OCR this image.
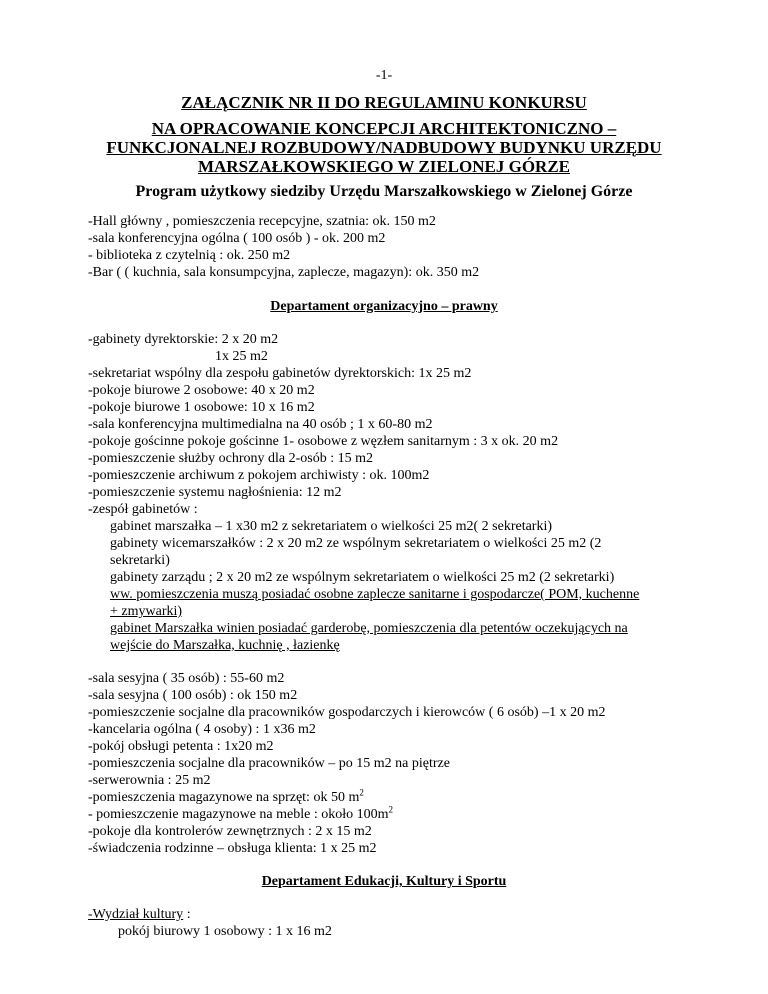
-1-
ZAŁĄCZNIK NR II DO REGULAMINU KONKURSU
NA OPRACOWANIE KONCEPCJI ARCHITEKTONICZNO –
FUNKCJONALNEJ ROZBUDOWY/NADBUDOWY BUDYNKU URZĘDU
MARSZAŁKOWSKIEGO W ZIELONEJ GÓRZE
Program użytkowy siedziby Urzędu Marszałkowskiego w Zielonej Górze
-Hall główny , pomieszczenia recepcyjne, szatnia: ok. 150 m2
-sala konferencyjna ogólna ( 100 osób ) - ok. 200 m2
- biblioteka z czytelnią : ok. 250 m2
-Bar ( ( kuchnia, sala konsumpcyjna, zaplecze, magazyn): ok. 350 m2
Departament organizacyjno – prawny
-gabinety dyrektorskie: 2 x 20 m2
1x 25 m2
-sekretariat wspólny dla zespołu gabinetów dyrektorskich: 1x 25 m2
-pokoje biurowe 2 osobowe: 40 x 20 m2
-pokoje biurowe 1 osobowe: 10 x 16 m2
-sala konferencyjna multimedialna na 40 osób ; 1 x 60-80 m2
-pokoje gościnne pokoje gościnne 1- osobowe z węzłem sanitarnym : 3 x ok. 20 m2
-pomieszczenie służby ochrony dla 2-osób : 15 m2
-pomieszczenie archiwum z pokojem archiwisty : ok. 100m2
-pomieszczenie systemu nagłośnienia: 12 m2
-zespół gabinetów :
gabinet marszałka – 1 x30 m2 z sekretariatem o wielkości 25 m2( 2 sekretarki)
gabinety wicemarszałków : 2 x 20 m2 ze wspólnym sekretariatem o wielkości 25 m2 (2
sekretarki)
gabinety zarządu ; 2 x 20 m2 ze wspólnym sekretariatem o wielkości 25 m2 (2 sekretarki)
ww. pomieszczenia muszą posiadać osobne zaplecze sanitarne i gospodarcze( POM, kuchenne
+ zmywarki)
gabinet Marszałka winien posiadać garderobę, pomieszczenia dla petentów oczekujących na
wejście do Marszałka, kuchnię , łazienkę
-sala sesyjna ( 35 osób) : 55-60 m2
-sala sesyjna ( 100 osób) : ok 150 m2
-pomieszczenie socjalne dla pracowników gospodarczych i kierowców ( 6 osób) –1 x 20 m2
-kancelaria ogólna ( 4 osoby) : 1 x36 m2
-pokój obsługi petenta : 1x20 m2
-pomieszczenia socjalne dla pracowników – po 15 m2 na piętrze
-serwerownia : 25 m2
-pomieszczenia magazynowe na sprzęt: ok 50 $m^2$
- pomieszczenie magazynowe na meble : około $100m^2$
-pokoje dla kontrolerów zewnętrznych : 2 x 15 m2
-świadczenia rodzinne – obsługa klienta: 1 x 25 m2
Departament Edukacji, Kultury i Sportu
-Wydział kultury :
pokój biurowy 1 osobowy : 1 x 16 m2
